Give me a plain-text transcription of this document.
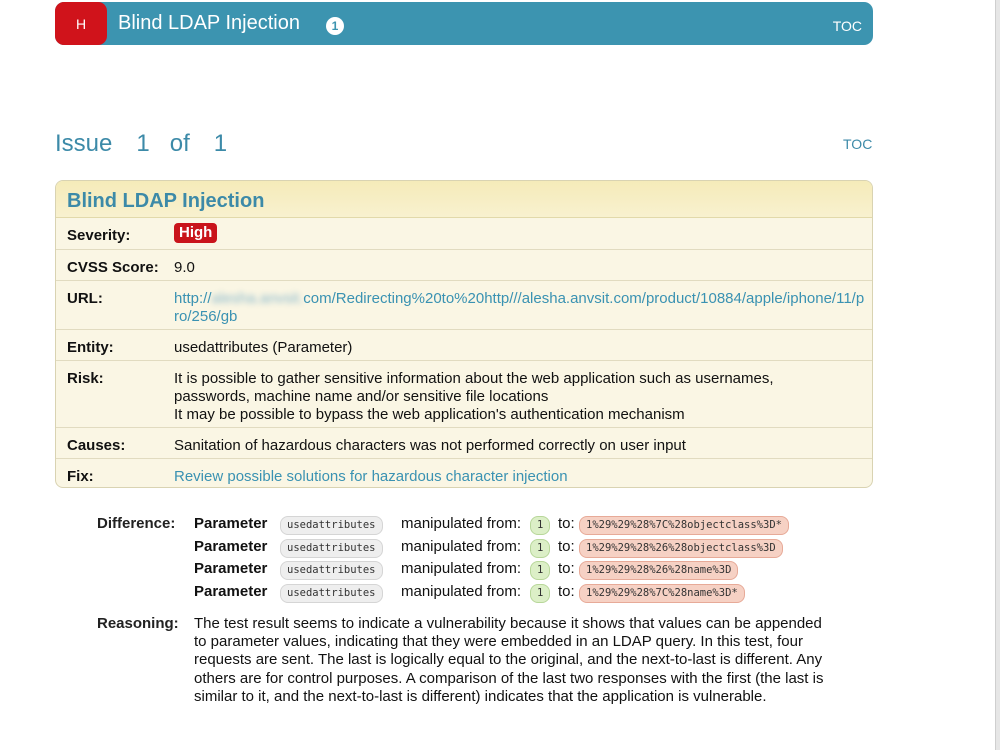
H	Blind LDAP Injection	1	TOC
Issue 1 of 1	TOC
Blind LDAP Injection
Severity:	High
CVSS Score: 9.0
URL:	http://alesha.anvsit.com/Redirecting%20to%20http///alesha.anvsit.com/product/10884/apple/iphone/11/pro/256/gb
Entity:	usedattributes (Parameter)
Risk:	It is possible to gather sensitive information about the web application such as usernames, passwords, machine name and/or sensitive file locations
It may be possible to bypass the web application's authentication mechanism
Causes:	Sanitation of hazardous characters was not performed correctly on user input
Fix:	Review possible solutions for hazardous character injection
Difference: Parameter	usedattributes	manipulated from:	1 to:	1%29%29%28%7C%28objectclass%3D*
Parameter	usedattributes	manipulated from:	1 to:	1%29%29%28%26%28objectclass%3D
Parameter	usedattributes	manipulated from:	1 to:	1%29%29%28%26%28name%3D
Parameter	usedattributes	manipulated from:	1 to:	1%29%29%28%7C%28name%3D*
Reasoning: The test result seems to indicate a vulnerability because it shows that values can be appended to parameter values, indicating that they were embedded in an LDAP query. In this test, four requests are sent. The last is logically equal to the original, and the next-to-last is different. Any others are for control purposes. A comparison of the last two responses with the first (the last is similar to it, and the next-to-last is different) indicates that the application is vulnerable.
